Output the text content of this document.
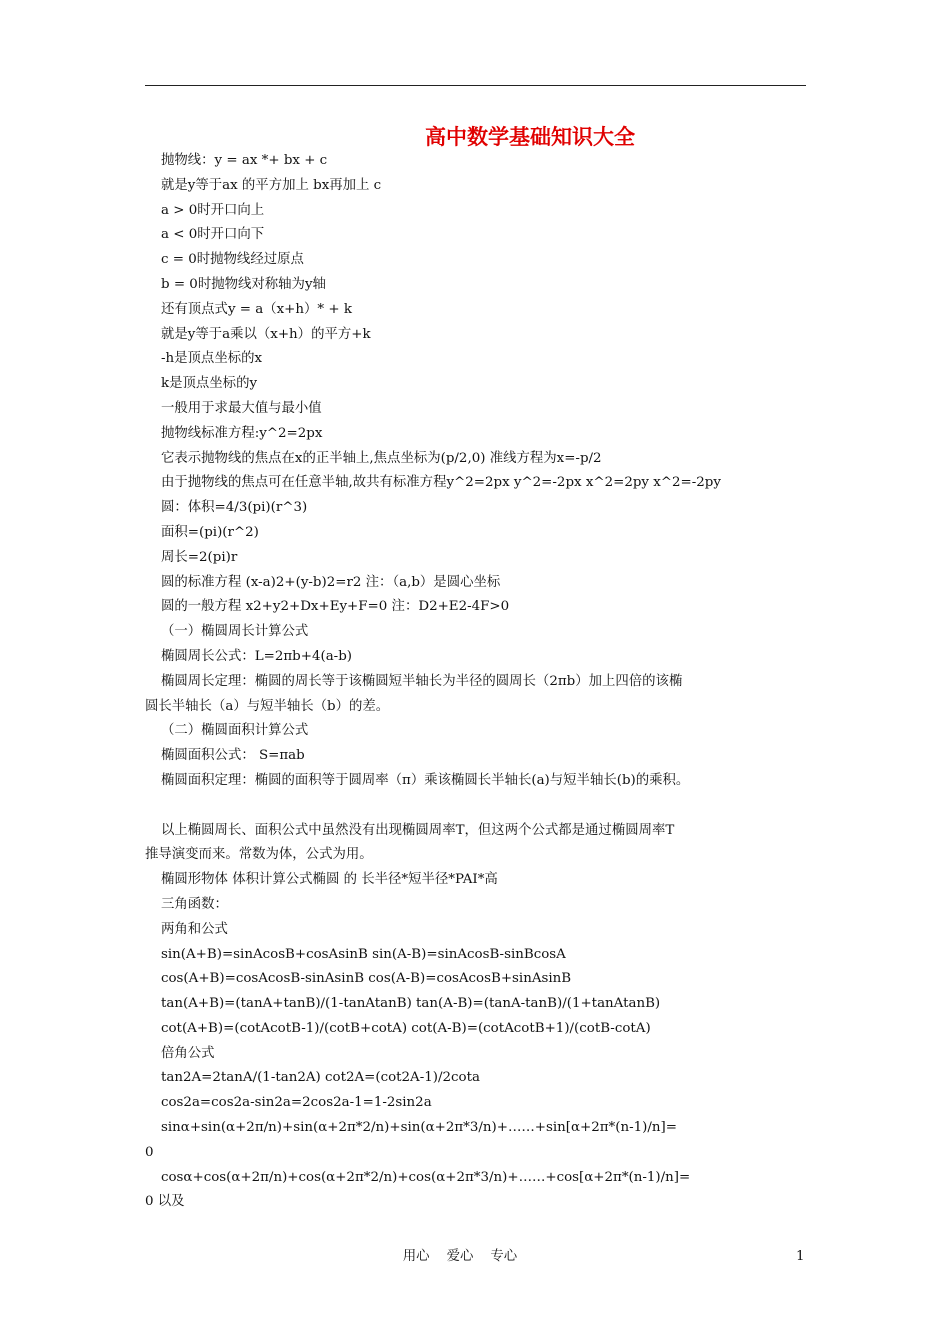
高中数学基础知识大全
抛物线：y = ax *+ bx + c
就是y等于ax 的平方加上 bx再加上 c
a > 0时开口向上
a < 0时开口向下
c = 0时抛物线经过原点
b = 0时抛物线对称轴为y轴
还有顶点式y = a（x+h）* + k
就是y等于a乘以（x+h）的平方+k
-h是顶点坐标的x
k是顶点坐标的y
一般用于求最大值与最小值
抛物线标准方程:y^2=2px
它表示抛物线的焦点在x的正半轴上,焦点坐标为(p/2,0) 准线方程为x=-p/2
由于抛物线的焦点可在任意半轴,故共有标准方程y^2=2px y^2=-2px x^2=2py x^2=-2py
圆：体积=4/3(pi)(r^3)
面积=(pi)(r^2)
周长=2(pi)r
圆的标准方程 (x-a)2+(y-b)2=r2 注：（a,b）是圆心坐标
圆的一般方程 x2+y2+Dx+Ey+F=0 注：D2+E2-4F>0
（一）椭圆周长计算公式
椭圆周长公式：L=2πb+4(a-b)
椭圆周长定理：椭圆的周长等于该椭圆短半轴长为半径的圆周长（2πb）加上四倍的该椭
圆长半轴长（a）与短半轴长（b）的差。
（二）椭圆面积计算公式
椭圆面积公式： S=πab
椭圆面积定理：椭圆的面积等于圆周率（π）乘该椭圆长半轴长(a)与短半轴长(b)的乘积。
以上椭圆周长、面积公式中虽然没有出现椭圆周率T，但这两个公式都是通过椭圆周率T
推导演变而来。常数为体，公式为用。
椭圆形物体 体积计算公式椭圆 的 长半径*短半径*PAI*高
三角函数：
两角和公式
sin(A+B)=sinAcosB+cosAsinB sin(A-B)=sinAcosB-sinBcosA
cos(A+B)=cosAcosB-sinAsinB cos(A-B)=cosAcosB+sinAsinB
tan(A+B)=(tanA+tanB)/(1-tanAtanB) tan(A-B)=(tanA-tanB)/(1+tanAtanB)
cot(A+B)=(cotAcotB-1)/(cotB+cotA) cot(A-B)=(cotAcotB+1)/(cotB-cotA)
倍角公式
tan2A=2tanA/(1-tan2A) cot2A=(cot2A-1)/2cota
cos2a=cos2a-sin2a=2cos2a-1=1-2sin2a
sinα+sin(α+2π/n)+sin(α+2π*2/n)+sin(α+2π*3/n)+……+sin[α+2π*(n-1)/n]=
0
cosα+cos(α+2π/n)+cos(α+2π*2/n)+cos(α+2π*3/n)+……+cos[α+2π*(n-1)/n]=
0 以及
用心    爱心    专心	1
